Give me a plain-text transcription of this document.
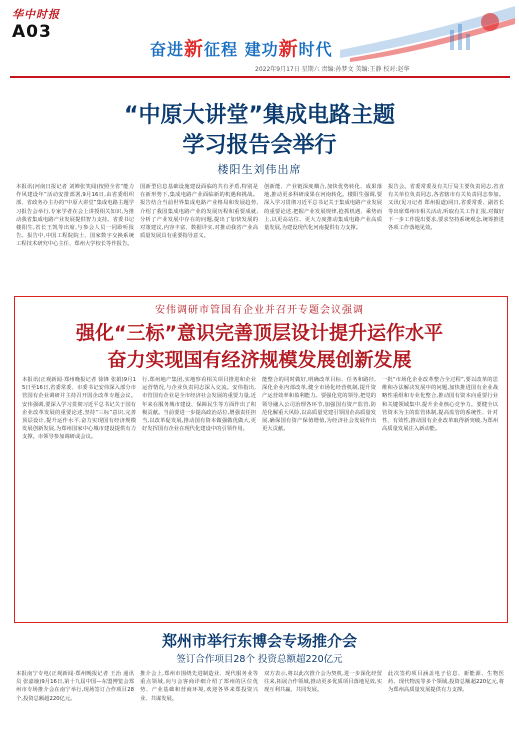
华中时报
A03
奋进新征程 建功新时代
2022年9月17日 星期六 责编:孙梦文 美编:王静 校对:赵华
“中原大讲堂”集成电路主题
学习报告会举行
楼阳生刘伟出席
本报讯(河南日报记者 刘婵张笑闻)按照全省“能力作风建设年”活动安排部署,9月16日,由省委组织部、省政务办主办的“中原大讲堂”集成电路主题学习报告会举行,专家学者在会上讲授相关知识,为推动我省集成电路产业发展提供智力支持。省委书记楼阳生,省长王凯等出席,与参会人员一同聆听报告。报告中,中国工程院院士、国家数字交换系统工程技术研究中心主任、郑州大学校长等作报告。
国新型信息基础设施建设面临的共有矛盾,特别是在新形势下,集成电路产业面临新的机遇和挑战。报告结合当前世界集成电路产业格局和发展趋势,介绍了我国集成电路产业的发展历程和重要成就,分析了产业发展中存在的问题,提出了加快发展的对策建议,内容丰富、数据详实,对推动我省产业高质量发展具有重要指导意义。
创新能、产业链深度耦合,加快优势转化、成果落地,推动更多科研成果在河南转化。楼阳生强调,要深入学习贯彻习近平总书记关于集成电路产业发展的重要论述,把握产业发展规律,抢抓机遇、乘势而上,以更高站位、更大力度推动集成电路产业高质量发展,为建设现代化河南提供有力支撑。
报告会。省委常委及有关厅局主要负责同志,省直有关单位负责同志,各省辖市有关负责同志参加。又讯(见习记者 郑州报道)同日,省委常委、副省长等出席郑州市相关活动,听取有关工作汇报,对做好下一步工作提出要求,要求坚持系统观念,统筹推进各项工作落地见效。
安伟调研市管国有企业并召开专题会议强调
强化“三标”意识完善顶层设计提升运作水平
奋力实现国有经济规模发展创新发展
本报讯(正观新闻·郑州晚报记者 徐锋 张娟)9月15日至16日,省委常委、市委书记安伟深入部分市管国有企业调研并主持召开国企改革专题会议。安伟强调,要深入学习贯彻习近平总书记关于国有企业改革发展的重要论述,坚持“三标”意识,完善顶层设计,提升运作水平,奋力实现国有经济规模发展创新发展,为郑州国家中心城市建设提供有力支撑。市领导参加调研或会议。
行,郑州地产集团,实地察看相关项目推进和企业运营情况,与企业负责同志深入交流。安伟指出,市管国有企业是全市经济社会发展的重要力量,近年来在服务城市建设、保障民生等方面作出了积极贡献。当前要进一步提高政治站位,增强责任担当,以改革促发展,推动国有资本做强做优做大,更好发挥国有企业在现代化建设中的引领作用。
能整合的同时做好,明确改革目标、任务和路径,深化企业内部改革,健全市场化经营机制,提升资产运营效率和盈利能力。要强化党的领导,把党的领导融入公司治理各环节,加强国有资产监管,防范化解重大风险,以高质量党建引领国企高质量发展,确保国有资产保值增值,为经济社会发展作出更大贡献。
一批“市场化企业改革整合全过程”,要以改革的思维和办法解决发展中的问题,加快推进国有企业战略性重组和专业化整合,推动国有资本向重要行业和关键领域集中,提升企业核心竞争力。要健全以管资本为主的监管体制,提高监管的系统性、针对性、有效性,推动国有企业改革取得新突破,为郑州高质量发展注入新动能。
郑州市举行东博会专场推介会
签订合作项目28个 投资总额超220亿元
本报南宁专电(正观新闻·郑州晚报记者 王治 通讯员 张嘉瑜)9月16日,第十九届中国—东盟博览会郑州市专场推介会在南宁举行,现场签订合作项目28个,投资总额超220亿元。
推介会上,郑州市围绕先进制造业、现代服务业等重点领域,向与会客商详细介绍了郑州的区位优势、产业基础和营商环境,欢迎各界来郑投资兴业、共谋发展。
双方表示,将以此次推介会为契机,进一步深化经贸往来,拓展合作领域,推动更多优质项目落地见效,实现互利共赢、共同发展。
此次签约项目涵盖电子信息、新能源、生物医药、现代物流等多个领域,投资总额超220亿元,将为郑州高质量发展提供有力支撑。
